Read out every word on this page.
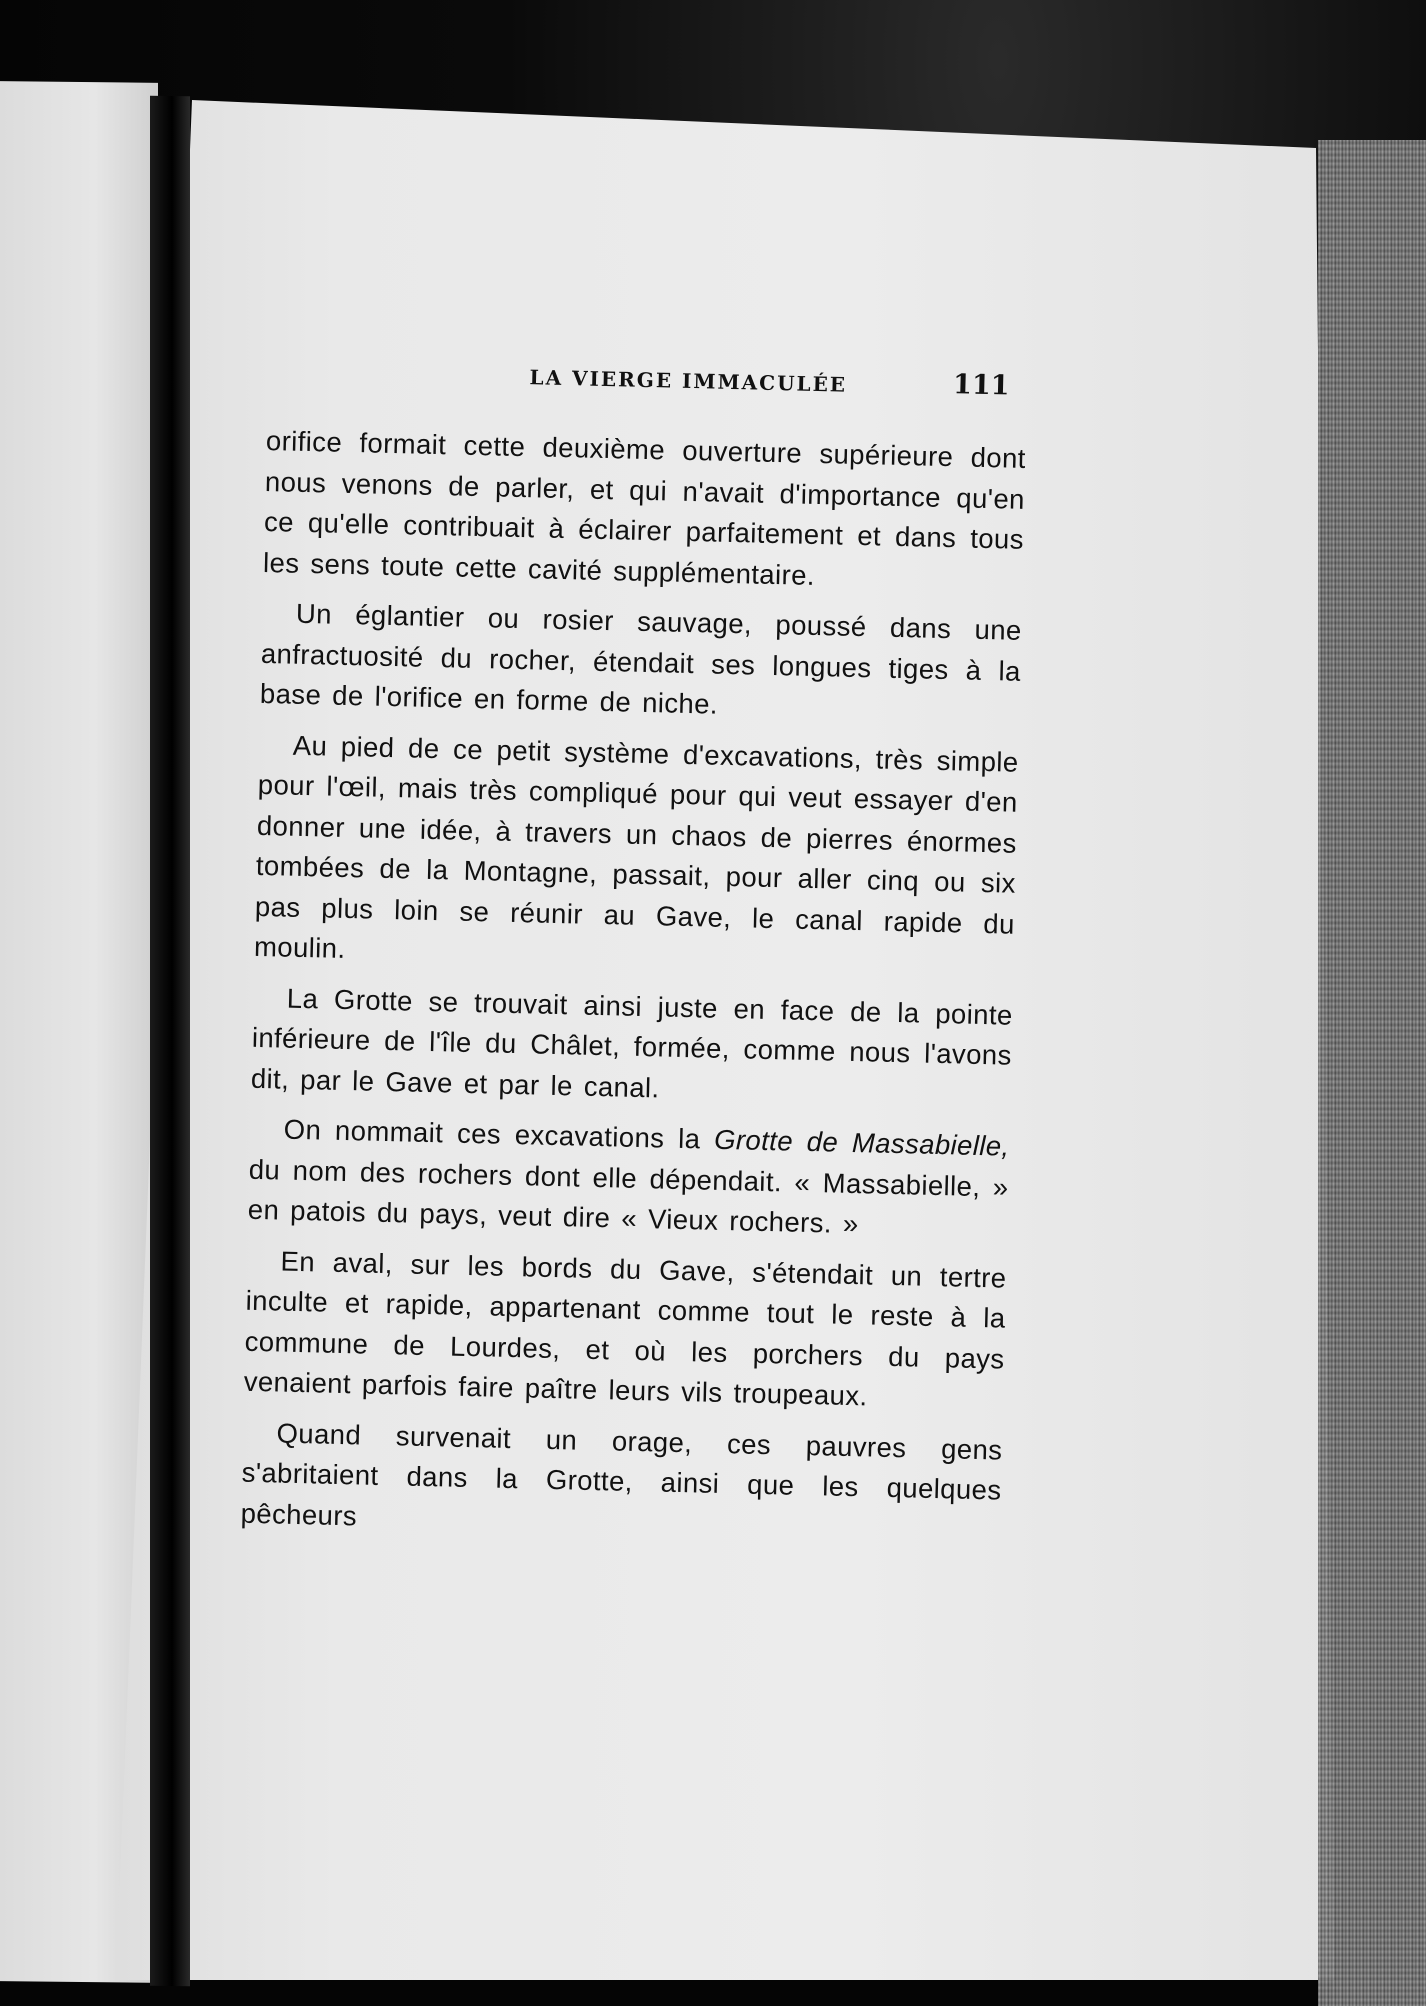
LA VIERGE IMMACULÉE	111

orifice formait cette deuxième ouverture supérieure dont nous venons de parler, et qui n'avait d'importance qu'en ce qu'elle contribuait à éclairer parfaitement et dans tous les sens toute cette cavité supplémentaire.

Un églantier ou rosier sauvage, poussé dans une anfractuosité du rocher, étendait ses longues tiges à la base de l'orifice en forme de niche.

Au pied de ce petit système d'excavations, très simple pour l'œil, mais très compliqué pour qui veut essayer d'en donner une idée, à travers un chaos de pierres énormes tombées de la Montagne, passait, pour aller cinq ou six pas plus loin se réunir au Gave, le canal rapide du moulin.

La Grotte se trouvait ainsi juste en face de la pointe inférieure de l'île du Châlet, formée, comme nous l'avons dit, par le Gave et par le canal.

On nommait ces excavations la Grotte de Massabielle, du nom des rochers dont elle dépendait. « Massabielle, » en patois du pays, veut dire « Vieux rochers. »

En aval, sur les bords du Gave, s'étendait un tertre inculte et rapide, appartenant comme tout le reste à la commune de Lourdes, et où les porchers du pays venaient parfois faire paître leurs vils troupeaux.

Quand survenait un orage, ces pauvres gens s'abritaient dans la Grotte, ainsi que les quelques pêcheurs
